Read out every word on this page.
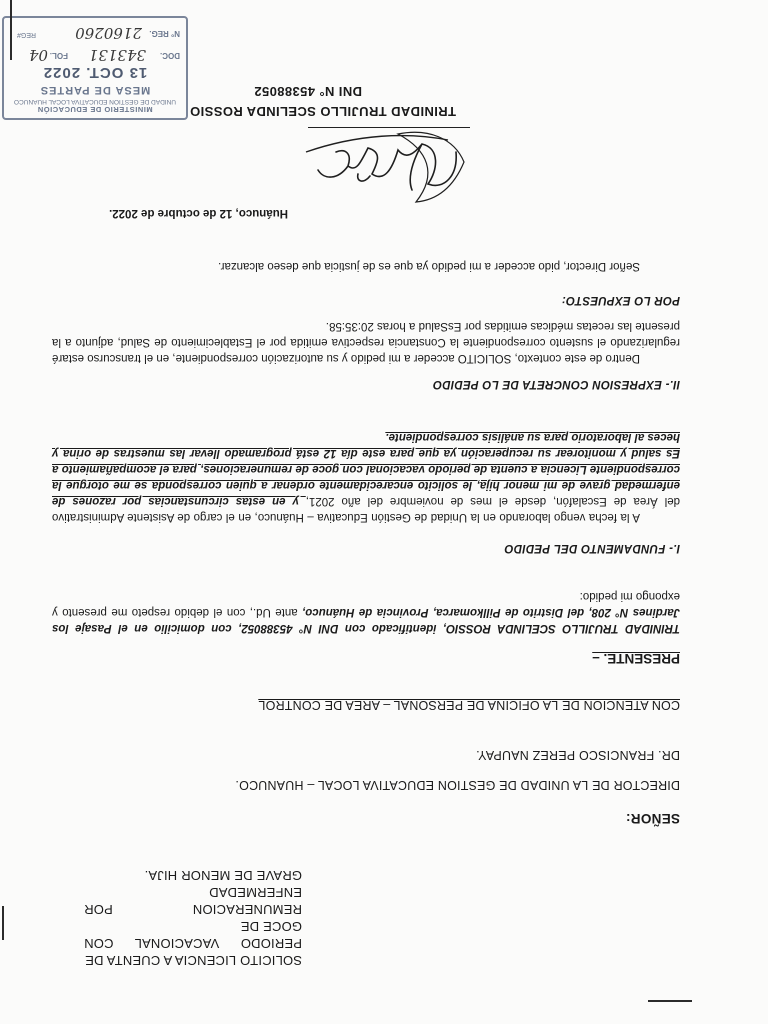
SOLICITO LICENCIA A CUENTA DE
PERIODO VACACIONAL CON GOCE DE
REMUNERACION POR ENFERMEDAD
GRAVE DE MENOR HIJA.
SEÑOR:
DIRECTOR DE LA UNIDAD DE GESTION EDUCATIVA LOCAL – HUANUCO.
DR. FRANCISCO PEREZ NAUPAY.
CON ATENCION DE LA OFICINA DE PERSONAL – AREA DE CONTROL
PRESENTE. –
TRINIDAD TRUJILLO SCELINDA ROSSIO, identificado con DNI N° 45388052, con domicilio en el Pasaje los Jardines N° 208, del Distrito de Pillkomarca, Provincia de Huánuco, ante Ud., con el debido respeto me presento y expongo mi pedido:
I.- FUNDAMENTO DEL PEDIDO
A la fecha vengo laborando en la Unidad de Gestión Educativa – Huánuco, en el cargo de Asistente Administrativo del Área de Escalafón, desde el mes de noviembre del año 2021, y en estas circunstancias por razones de enfermedad grave de mi menor hija, le solicito encarecidamente ordenar a quien corresponda se me otorgue la correspondiente Licencia a cuenta de periodo vacacional con goce de remuneraciones, para el acompañamiento a Es salud y monitorear su recuperación ya que para este día 12 está programado llevar las muestras de orina y heces al laboratorio para su análisis correspondiente.
II.- EXPRESION CONCRETA DE LO PEDIDO
Dentro de este contexto, SOLICITO acceder a mi pedido y su autorización correspondiente, en el transcurso estaré regularizando el sustento correspondiente la Constancia respectiva emitida por el Establecimiento de Salud, adjunto a la presente las recetas médicas emitidas por EsSalud a horas 20:35:58.
POR LO EXPUESTO:
Señor Director, pido acceder a mi pedido ya que es de justicia que deseo alcanzar.
Huánuco, 12 de octubre de 2022.
TRINIDAD TRUJILLO SCELINDA ROSSIO
DNI N° 45388052
MINISTERIO DE EDUCACIÓN
UNIDAD DE GESTION EDUCATIVA LOCAL HUANUCO
MESA DE PARTES
13 OCT. 2022
DOC.
343131
FOL.
04
N° REG.
2160260
REG#
